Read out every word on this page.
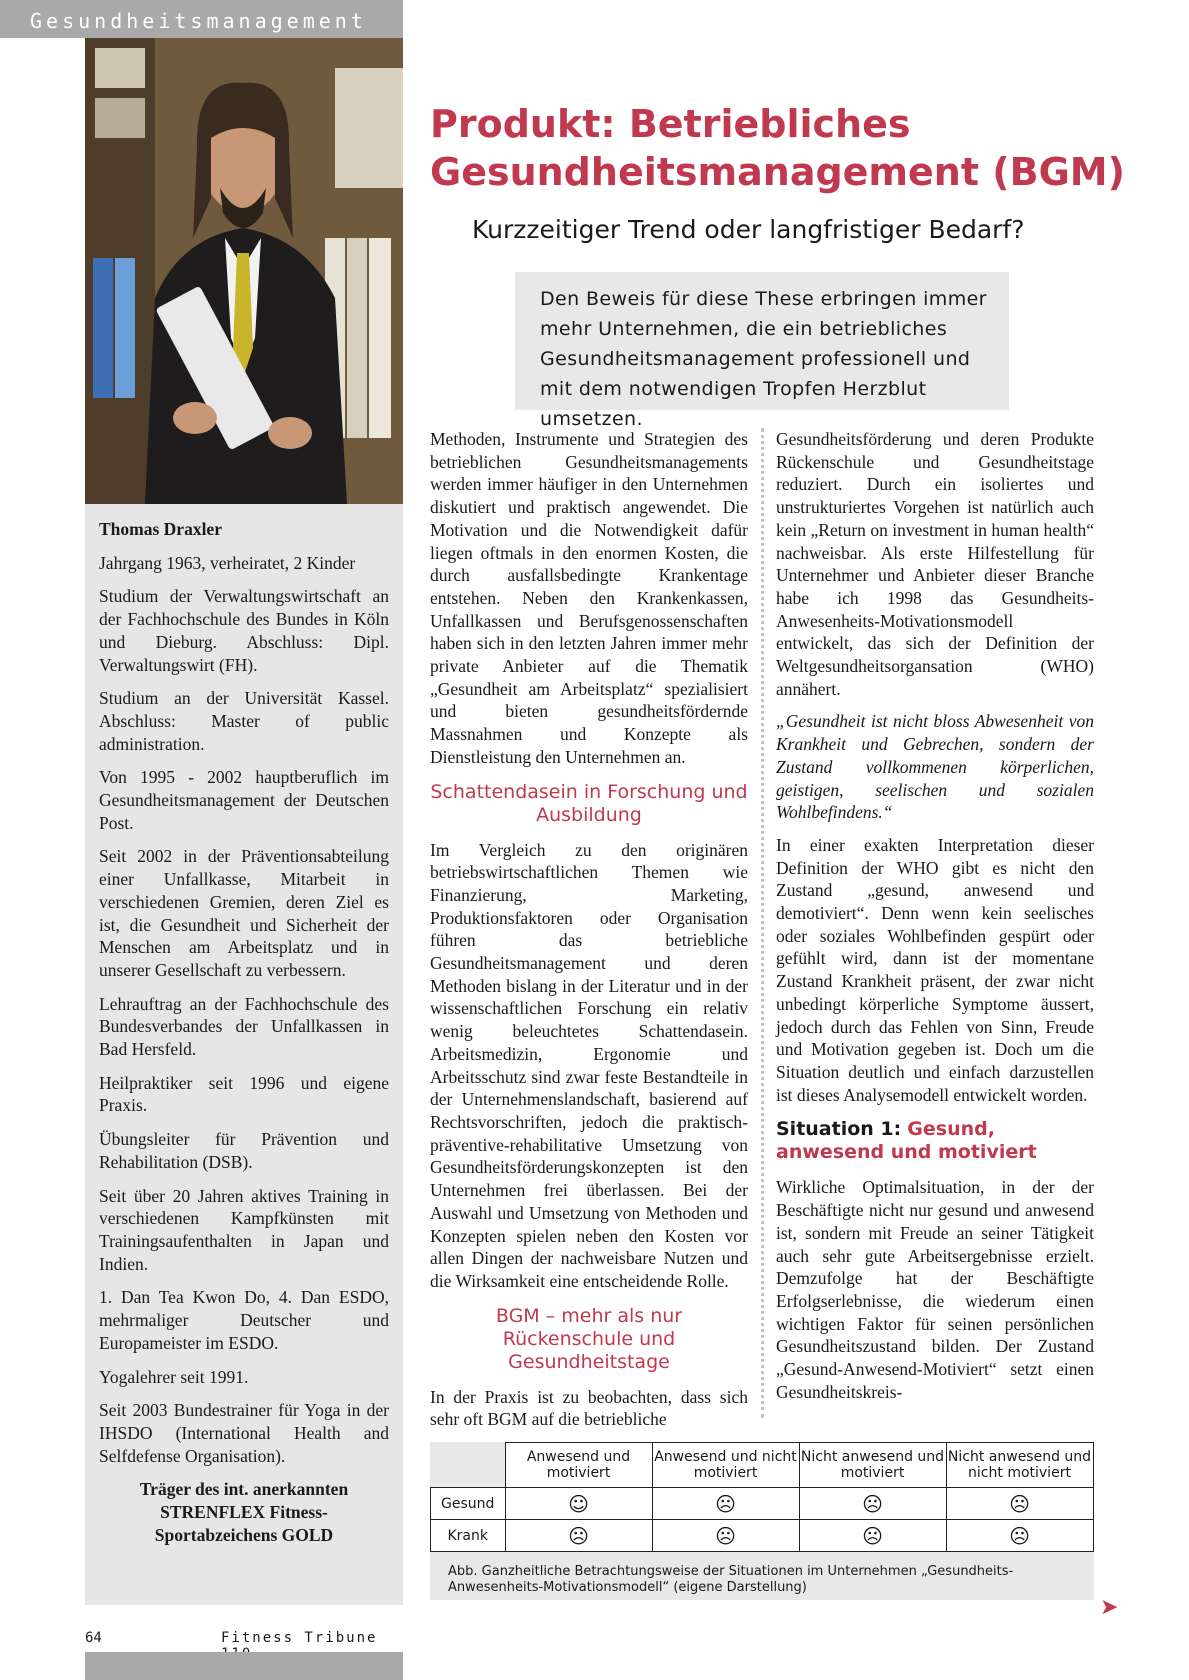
Gesundheitsmanagement

Thomas Draxler

Jahrgang 1963, verheiratet, 2 Kinder

Studium der Verwaltungswirtschaft an der Fachhochschule des Bundes in Köln und Dieburg. Abschluss: Dipl. Verwaltungswirt (FH).

Studium an der Universität Kassel. Abschluss: Master of public administration.

Von 1995 - 2002 hauptberuflich im Gesundheitsmanagement der Deutschen Post.

Seit 2002 in der Präventionsabteilung einer Unfallkasse, Mitarbeit in verschiedenen Gremien, deren Ziel es ist, die Gesundheit und Sicherheit der Menschen am Arbeitsplatz und in unserer Gesellschaft zu verbessern.

Lehrauftrag an der Fachhochschule des Bundesverbandes der Unfallkassen in Bad Hersfeld.

Heilpraktiker seit 1996 und eigene Praxis.

Übungsleiter für Prävention und Rehabilitation (DSB).

Seit über 20 Jahren aktives Training in verschiedenen Kampfkünsten mit Trainingsaufenthalten in Japan und Indien.

1. Dan Tea Kwon Do, 4. Dan ESDO, mehrmaliger Deutscher und Europameister im ESDO.

Yogalehrer seit 1991.

Seit 2003 Bundestrainer für Yoga in der IHSDO (International Health and Selfdefense Organisation).

Träger des int. anerkannten STRENFLEX Fitness-Sportabzeichens GOLD

Produkt: Betriebliches Gesundheitsmanagement (BGM)
Kurzzeitiger Trend oder langfristiger Bedarf?
Den Beweis für diese These erbringen immer mehr Unternehmen, die ein betriebliches Gesundheitsmanagement professionell und mit dem notwendigen Tropfen Herzblut umsetzen.

Methoden, Instrumente und Strategien des betrieblichen Gesundheitsmanagements werden immer häufiger in den Unternehmen diskutiert und praktisch angewendet. Die Motivation und die Notwendigkeit dafür liegen oftmals in den enormen Kosten, die durch ausfallsbedingte Krankentage entstehen. Neben den Krankenkassen, Unfallkassen und Berufsgenossenschaften haben sich in den letzten Jahren immer mehr private Anbieter auf die Thematik „Gesundheit am Arbeitsplatz“ spezialisiert und bieten gesundheitsfördernde Massnahmen und Konzepte als Dienstleistung den Unternehmen an.

Schattendasein in Forschung und Ausbildung

Im Vergleich zu den originären betriebswirtschaftlichen Themen wie Finanzierung, Marketing, Produktionsfaktoren oder Organisation führen das betriebliche Gesundheitsmanagement und deren Methoden bislang in der Literatur und in der wissenschaftlichen Forschung ein relativ wenig beleuchtetes Schattendasein. Arbeitsmedizin, Ergonomie und Arbeitsschutz sind zwar feste Bestandteile in der Unternehmenslandschaft, basierend auf Rechtsvorschriften, jedoch die praktisch-präventive-rehabilitative Umsetzung von Gesundheitsförderungskonzepten ist den Unternehmen frei überlassen. Bei der Auswahl und Umsetzung von Methoden und Konzepten spielen neben den Kosten vor allen Dingen der nachweisbare Nutzen und die Wirksamkeit eine entscheidende Rolle.

BGM – mehr als nur Rückenschule und Gesundheitstage

In der Praxis ist zu beobachten, dass sich sehr oft BGM auf die betriebliche

Gesundheitsförderung und deren Produkte Rückenschule und Gesundheitstage reduziert. Durch ein isoliertes und unstrukturiertes Vorgehen ist natürlich auch kein „Return on investment in human health“ nachweisbar. Als erste Hilfestellung für Unternehmer und Anbieter dieser Branche habe ich 1998 das Gesundheits-Anwesenheits-Motivationsmodell entwickelt, das sich der Definition der Weltgesundheitsorgansation (WHO) annähert.

„Gesundheit ist nicht bloss Abwesenheit von Krankheit und Gebrechen, sondern der Zustand vollkommenen körperlichen, geistigen, seelischen und sozialen Wohlbefindens.“

In einer exakten Interpretation dieser Definition der WHO gibt es nicht den Zustand „gesund, anwesend und demotiviert“. Denn wenn kein seelisches oder soziales Wohlbefinden gespürt oder gefühlt wird, dann ist der momentane Zustand Krankheit präsent, der zwar nicht unbedingt körperliche Symptome äussert, jedoch durch das Fehlen von Sinn, Freude und Motivation gegeben ist. Doch um die Situation deutlich und einfach darzustellen ist dieses Analysemodell entwickelt worden.

Situation 1: Gesund, anwesend und motiviert

Wirkliche Optimalsituation, in der der Beschäftigte nicht nur gesund und anwesend ist, sondern mit Freude an seiner Tätigkeit auch sehr gute Arbeitsergebnisse erzielt. Demzufolge hat der Beschäftigte Erfolgserlebnisse, die wiederum einen wichtigen Faktor für seinen persönlichen Gesundheitszustand bilden. Der Zustand „Gesund-Anwesend-Motiviert“ setzt einen Gesundheitskreis-

	Anwesend und motiviert	Anwesend und nicht motiviert	Nicht anwesend und motiviert	Nicht anwesend und nicht motiviert
Gesund	☺	☹	☹	☹
Krank	☹	☹	☹	☹
Abb. Ganzheitliche Betrachtungsweise der Situationen im Unternehmen „Gesundheits-Anwesenheits-Motivationsmodell“ (eigene Darstellung)
➤
64	Fitness Tribune
